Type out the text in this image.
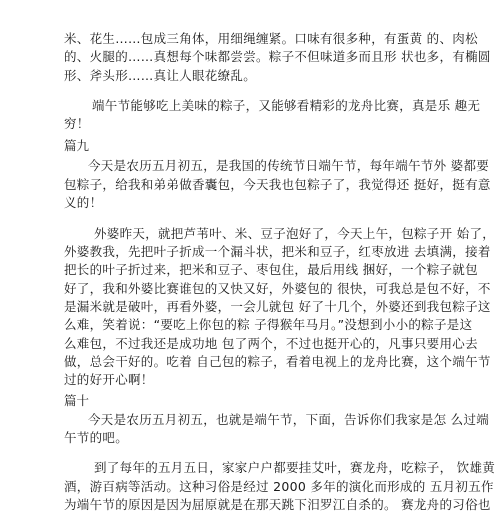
米、花生……包成三角体，用细绳缠紧。口味有很多种，有蛋黄 的、肉松
的、火腿的……真想每个味都尝尝。粽子不但味道多而且形 状也多，有椭圆
形、斧头形……真让人眼花缭乱。
端午节能够吃上美味的粽子，又能够看精彩的龙舟比赛，真是乐 趣无
穷！
篇九
今天是农历五月初五，是我国的传统节日端午节，每年端午节外 婆都要
包粽子，给我和弟弟做香囊包，今天我也包粽子了，我觉得还 挺好，挺有意
义的！
外婆昨天，就把芦苇叶、米、豆子泡好了，今天上午，包粽子开 始了，
外婆教我，先把叶子折成一个漏斗状，把米和豆子，红枣放进 去填满，接着
把长的叶子折过来，把米和豆子、枣包住，最后用线 捆好，一个粽子就包
好了，我和外婆比赛谁包的又快又好，外婆包的 很快，可我总是包不好，不
是漏米就是破叶，再看外婆，一会儿就包 好了十几个，外婆还到我包粽子这
么难，笑着说：“要吃上你包的粽 子得猴年马月。”没想到小小的粽子是这
么难包，不过我还是成功地 包了两个，不过也挺开心的，凡事只要用心去
做，总会干好的。吃着 自己包的粽子，看着电视上的龙舟比赛，这个端午节
过的好开心啊！
篇十
今天是农历五月初五，也就是端午节，下面，告诉你们我家是怎 么过端
午节的吧。
到了每年的五月五日，家家户户都要挂艾叶，赛龙舟，吃粽子， 饮雄黄
酒，游百病等活动。这种习俗是经过 2000 多年的演化而形成的 五月初五作
为端午节的原因是因为屈原就是在那天跳下汨罗江自杀的。 赛龙舟的习俗也
